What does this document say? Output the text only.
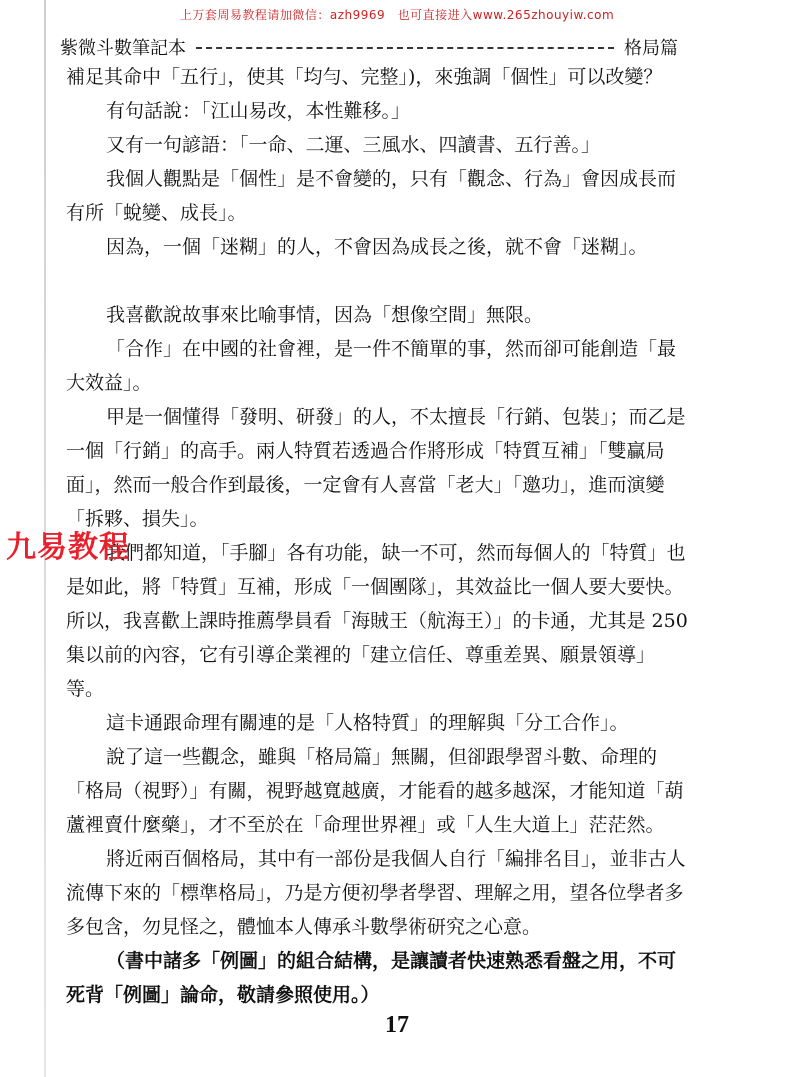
上万套周易教程请加微信：azh9969　也可直接进入www.265zhouyiw.com
紫微斗數筆記本	格局篇

補足其命中「五行」，使其「均勻、完整」)，來強調「個性」可以改變？

有句話說：「江山易改，本性難移。」

又有一句諺語：「一命、二運、三風水、四讀書、五行善。」

我個人觀點是「個性」是不會變的，只有「觀念、行為」會因成長而有所「蛻變、成長」。

因為，一個「迷糊」的人，不會因為成長之後，就不會「迷糊」。

我喜歡說故事來比喻事情，因為「想像空間」無限。

「合作」在中國的社會裡，是一件不簡單的事，然而卻可能創造「最大效益」。

甲是一個懂得「發明、研發」的人，不太擅長「行銷、包裝」；而乙是一個「行銷」的高手。兩人特質若透過合作將形成「特質互補」「雙贏局面」，然而一般合作到最後，一定會有人喜當「老大」「邀功」，進而演變「拆夥、損失」。

我們都知道，「手腳」各有功能，缺一不可，然而每個人的「特質」也是如此，將「特質」互補，形成「一個團隊」，其效益比一個人要大要快。所以，我喜歡上課時推薦學員看「海賊王（航海王）」的卡通，尤其是 250 集以前的內容，它有引導企業裡的「建立信任、尊重差異、願景領導」等。

這卡通跟命理有關連的是「人格特質」的理解與「分工合作」。

說了這一些觀念，雖與「格局篇」無關，但卻跟學習斗數、命理的「格局（視野）」有關，視野越寬越廣，才能看的越多越深，才能知道「葫蘆裡賣什麼藥」，才不至於在「命理世界裡」或「人生大道上」茫茫然。

將近兩百個格局，其中有一部份是我個人自行「編排名目」，並非古人流傳下來的「標準格局」，乃是方便初學者學習、理解之用，望各位學者多多包含，勿見怪之，體恤本人傳承斗數學術研究之心意。

（書中諸多「例圖」的組合結構，是讓讀者快速熟悉看盤之用，不可死背「例圖」論命，敬請參照使用。）

九易教程
17
